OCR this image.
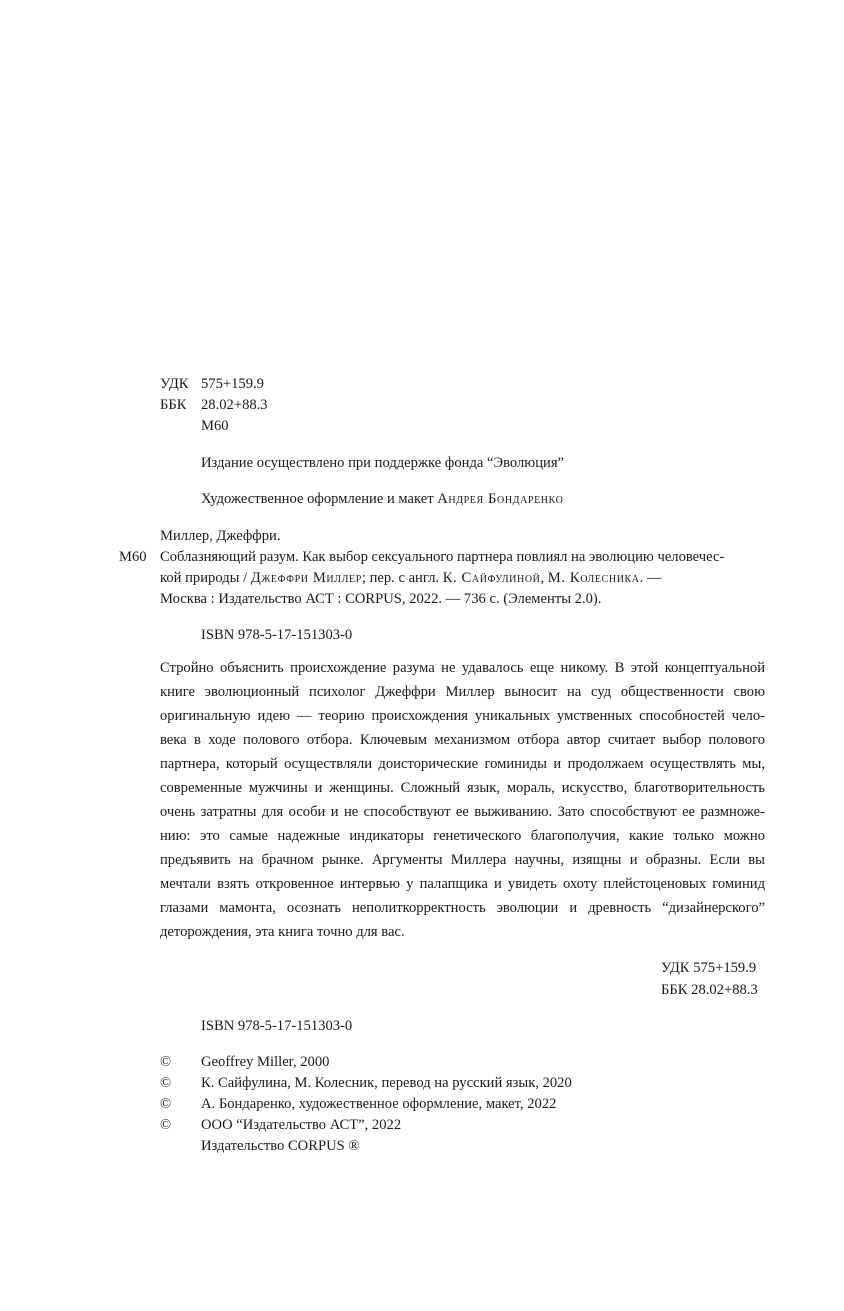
УДК 575+159.9
ББК 28.02+88.3
М60
Издание осуществлено при поддержке фонда “Эволюция”
Художественное оформление и макет Андрея Бондаренко
Миллер, Джеффри.
М60 Соблазняющий разум. Как выбор сексуального партнера повлиял на эволюцию человечес-
кой природы / Джеффри Миллер; пер. с англ. К. Сайфулиной, М. Колесника. —
Москва : Издательство АСТ : CORPUS, 2022. — 736 с. (Элементы 2.0).
ISBN 978-5-17-151303-0
Стройно объяснить происхождение разума не удавалось еще никому. В этой концептуальной
книге эволюционный психолог Джеффри Миллер выносит на суд общественности свою
оригинальную идею — теорию происхождения уникальных умственных способностей чело-
века в ходе полового отбора. Ключевым механизмом отбора автор считает выбор полового
партнера, который осуществляли доисторические гоминиды и продолжаем осуществлять мы,
современные мужчины и женщины. Сложный язык, мораль, искусство, благотворительность
очень затратны для особи и не способствуют ее выживанию. Зато способствуют ее размноже-
нию: это самые надежные индикаторы генетического благополучия, какие только можно
предъявить на брачном рынке. Аргументы Миллера научны, изящны и образны. Если вы
мечтали взять откровенное интервью у палапщика и увидеть охоту плейстоценовых гоминид
глазами мамонта, осознать неполиткорректность эволюции и древность “дизайнерского”
деторождения, эта книга точно для вас.
УДК 575+159.9
ББК 28.02+88.3
ISBN 978-5-17-151303-0
© Geoffrey Miller, 2000
© К. Сайфулина, М. Колесник, перевод на русский язык, 2020
© А. Бондаренко, художественное оформление, макет, 2022
© ООО “Издательство АСТ”, 2022
Издательство CORPUS ®
